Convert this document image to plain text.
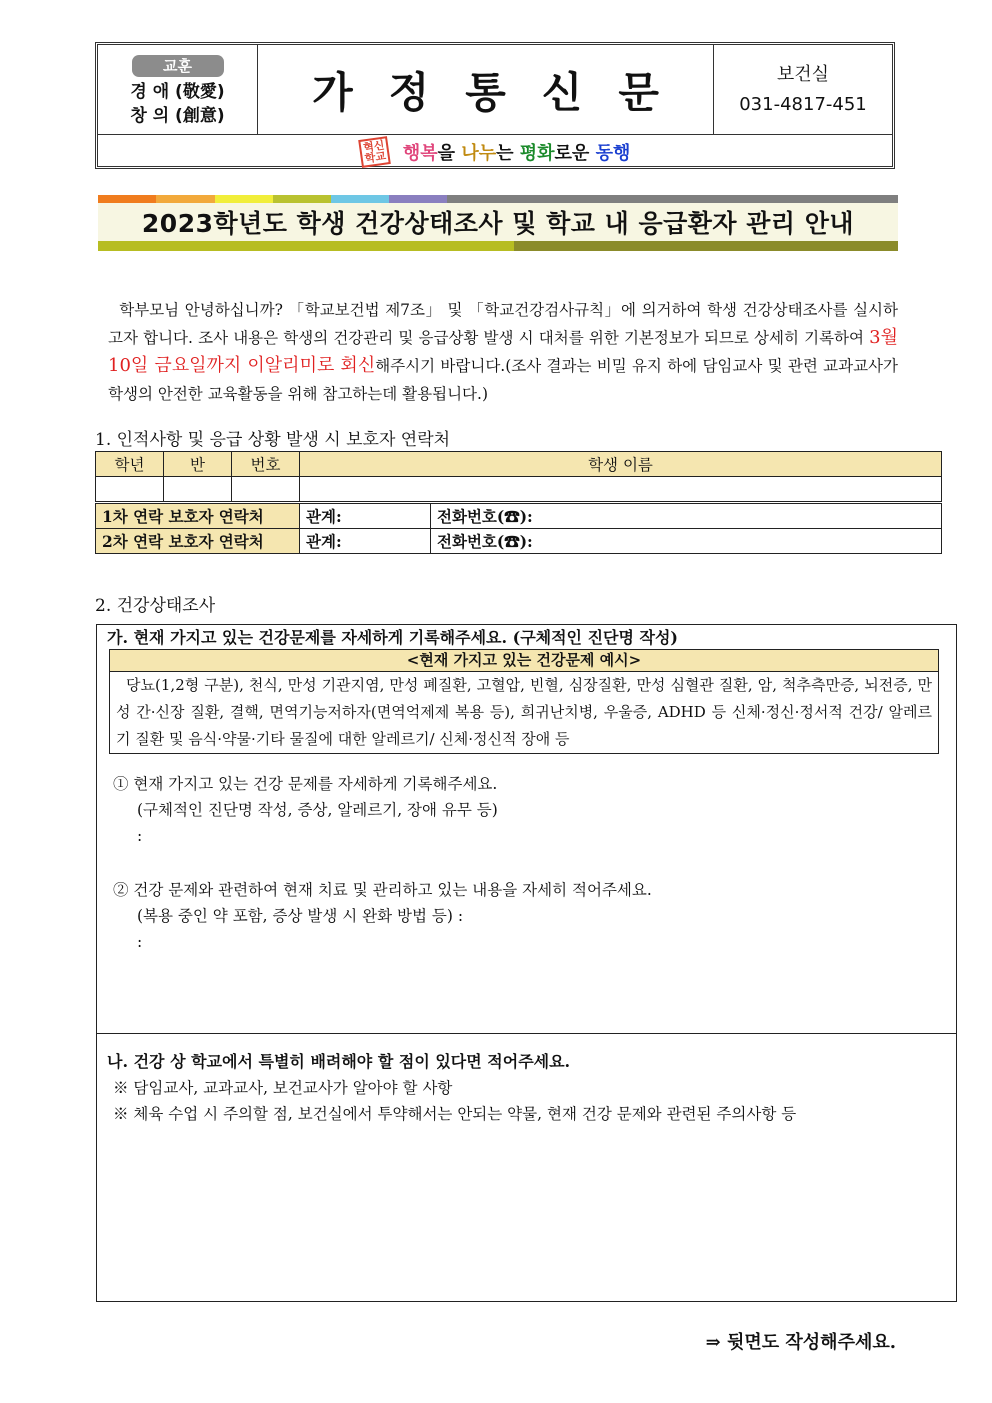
교훈
경 애 (敬愛)
창 의 (創意)	가정통신문	보건실
031-4817-451
혁신
학교 행복을 나누는 평화로운 동행
2023학년도 학생 건강상태조사 및 학교 내 응급환자 관리 안내
학부모님 안녕하십니까? 「학교보건법 제7조」 및 「학교건강검사규칙」에 의거하여 학생 건강상태조사를 실시하고자 합니다. 조사 내용은 학생의 건강관리 및 응급상황 발생 시 대처를 위한 기본정보가 되므로 상세히 기록하여 3월 10일 금요일까지 이알리미로 회신해주시기 바랍니다.(조사 결과는 비밀 유지 하에 담임교사 및 관련 교과교사가 학생의 안전한 교육활동을 위해 참고하는데 활용됩니다.)
1. 인적사항 및 응급 상황 발생 시 보호자 연락처
학년	반	번호	학생 이름	

1차 연락 보호자 연락처			관계:	전화번호(☎):
2차 연락 보호자 연락처			관계:	전화번호(☎):
2. 건강상태조사
가. 현재 가지고 있는 건강문제를 자세하게 기록해주세요. (구체적인 진단명 작성)
<현재 가지고 있는 건강문제 예시>
당뇨(1,2형 구분), 천식, 만성 기관지염, 만성 폐질환, 고혈압, 빈혈, 심장질환, 만성 심혈관 질환, 암, 척추측만증, 뇌전증, 만성 간·신장 질환, 결핵, 면역기능저하자(면역억제제 복용 등), 희귀난치병, 우울증, ADHD 등 신체·정신·정서적 건강/ 알레르기 질환 및 음식·약물·기타 물질에 대한 알레르기/ 신체·정신적 장애 등
① 현재 가지고 있는 건강 문제를 자세하게 기록해주세요.
(구체적인 진단명 작성, 증상, 알레르기, 장애 유무 등)
:
② 건강 문제와 관련하여 현재 치료 및 관리하고 있는 내용을 자세히 적어주세요.
(복용 중인 약 포함, 증상 발생 시 완화 방법 등) :
:
나. 건강 상 학교에서 특별히 배려해야 할 점이 있다면 적어주세요.
※ 담임교사, 교과교사, 보건교사가 알아야 할 사항
※ 체육 수업 시 주의할 점, 보건실에서 투약해서는 안되는 약물, 현재 건강 문제와 관련된 주의사항 등
⇒ 뒷면도 작성해주세요.
